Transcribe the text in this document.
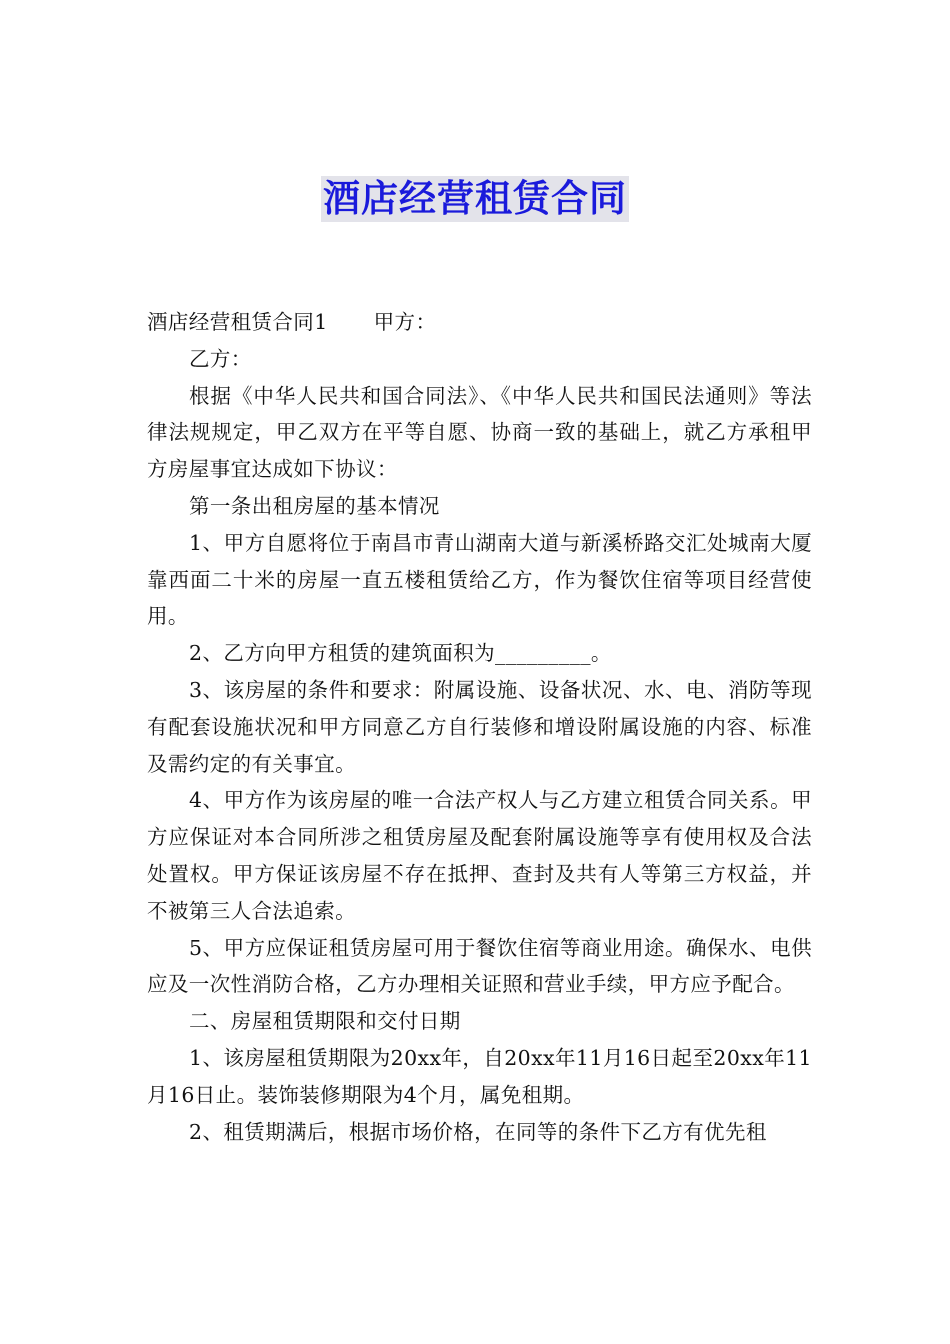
酒店经营租赁合同

酒店经营租赁合同1 甲方：

乙方：

根据《中华人民共和国合同法》、《中华人民共和国民法通则》等法律法规规定，甲乙双方在平等自愿、协商一致的基础上，就乙方承租甲方房屋事宜达成如下协议：

第一条出租房屋的基本情况

1、甲方自愿将位于南昌市青山湖南大道与新溪桥路交汇处城南大厦靠西面二十米的房屋一直五楼租赁给乙方，作为餐饮住宿等项目经营使用。

2、乙方向甲方租赁的建筑面积为_________。

3、该房屋的条件和要求：附属设施、设备状况、水、电、消防等现有配套设施状况和甲方同意乙方自行装修和增设附属设施的内容、标准及需约定的有关事宜。

4、甲方作为该房屋的唯一合法产权人与乙方建立租赁合同关系。甲方应保证对本合同所涉之租赁房屋及配套附属设施等享有使用权及合法处置权。甲方保证该房屋不存在抵押、查封及共有人等第三方权益，并不被第三人合法追索。

5、甲方应保证租赁房屋可用于餐饮住宿等商业用途。确保水、电供应及一次性消防合格，乙方办理相关证照和营业手续，甲方应予配合。

二、房屋租赁期限和交付日期

1、该房屋租赁期限为20xx年，自20xx年11月16日起至20xx年11月16日止。装饰装修期限为4个月，属免租期。

2、租赁期满后，根据市场价格，在同等的条件下乙方有优先租
